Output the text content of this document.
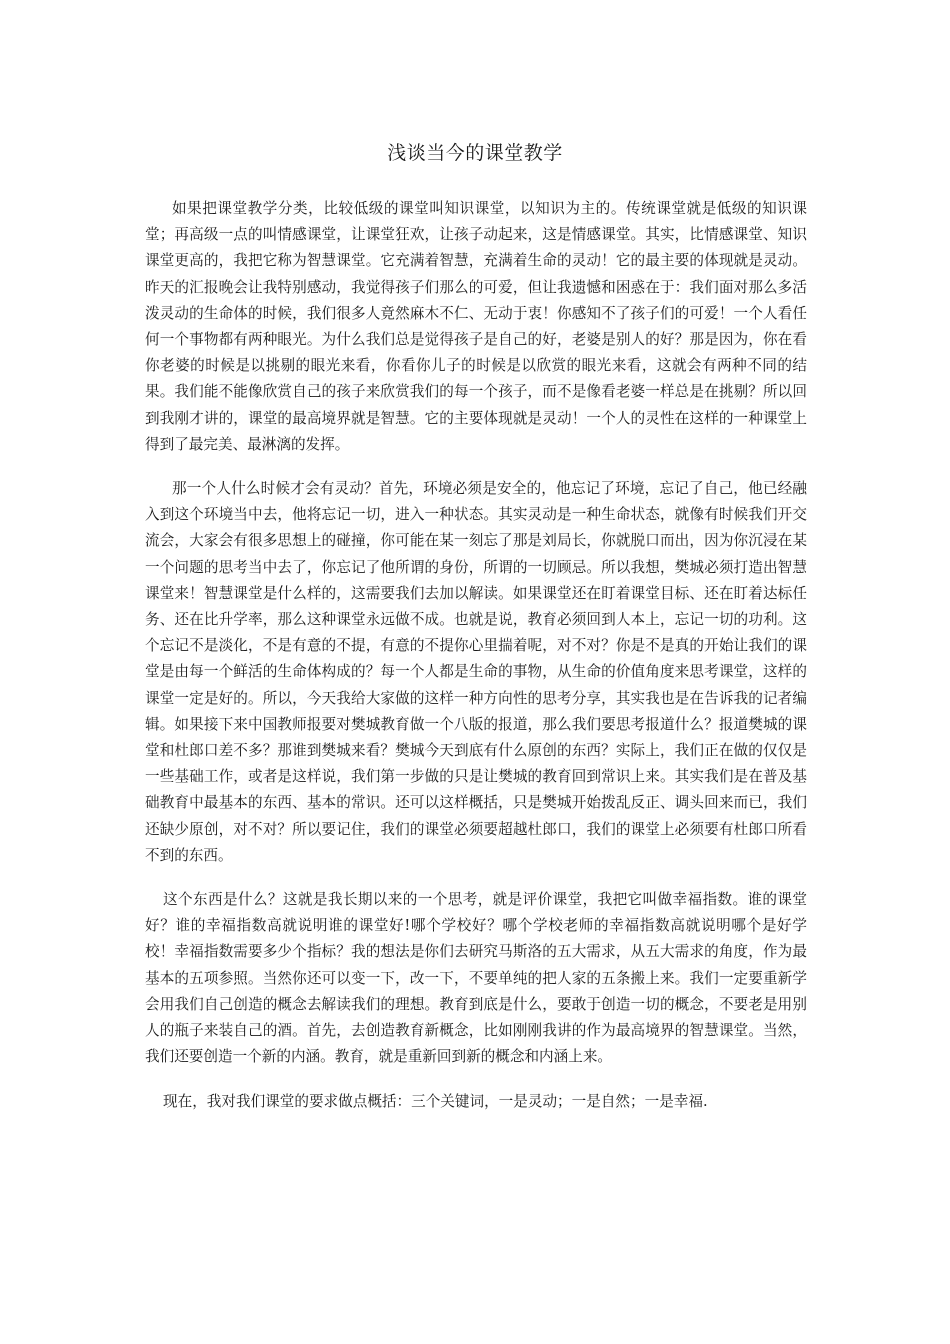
浅谈当今的课堂教学

如果把课堂教学分类，比较低级的课堂叫知识课堂，以知识为主的。传统课堂就是低级的知识课堂；再高级一点的叫情感课堂，让课堂狂欢，让孩子动起来，这是情感课堂。其实，比情感课堂、知识课堂更高的，我把它称为智慧课堂。它充满着智慧，充满着生命的灵动！它的最主要的体现就是灵动。昨天的汇报晚会让我特别感动，我觉得孩子们那么的可爱，但让我遗憾和困惑在于：我们面对那么多活泼灵动的生命体的时候，我们很多人竟然麻木不仁、无动于衷！你感知不了孩子们的可爱！一个人看任何一个事物都有两种眼光。为什么我们总是觉得孩子是自己的好，老婆是别人的好？那是因为，你在看你老婆的时候是以挑剔的眼光来看，你看你儿子的时候是以欣赏的眼光来看，这就会有两种不同的结果。我们能不能像欣赏自己的孩子来欣赏我们的每一个孩子，而不是像看老婆一样总是在挑剔？所以回到我刚才讲的，课堂的最高境界就是智慧。它的主要体现就是灵动！一个人的灵性在这样的一种课堂上得到了最完美、最淋漓的发挥。

那一个人什么时候才会有灵动？首先，环境必须是安全的，他忘记了环境，忘记了自己，他已经融入到这个环境当中去，他将忘记一切，进入一种状态。其实灵动是一种生命状态，就像有时候我们开交流会，大家会有很多思想上的碰撞，你可能在某一刻忘了那是刘局长，你就脱口而出，因为你沉浸在某一个问题的思考当中去了，你忘记了他所谓的身份，所谓的一切顾忌。所以我想，樊城必须打造出智慧课堂来！智慧课堂是什么样的，这需要我们去加以解读。如果课堂还在盯着课堂目标、还在盯着达标任务、还在比升学率，那么这种课堂永远做不成。也就是说，教育必须回到人本上，忘记一切的功利。这个忘记不是淡化，不是有意的不提，有意的不提你心里揣着呢，对不对？你是不是真的开始让我们的课堂是由每一个鲜活的生命体构成的？每一个人都是生命的事物，从生命的价值角度来思考课堂，这样的课堂一定是好的。所以，今天我给大家做的这样一种方向性的思考分享，其实我也是在告诉我的记者编辑。如果接下来中国教师报要对樊城教育做一个八版的报道，那么我们要思考报道什么？报道樊城的课堂和杜郎口差不多？那谁到樊城来看？樊城今天到底有什么原创的东西？实际上，我们正在做的仅仅是一些基础工作，或者是这样说，我们第一步做的只是让樊城的教育回到常识上来。其实我们是在普及基础教育中最基本的东西、基本的常识。还可以这样概括，只是樊城开始拨乱反正、调头回来而已，我们还缺少原创，对不对？所以要记住，我们的课堂必须要超越杜郎口，我们的课堂上必须要有杜郎口所看不到的东西。

这个东西是什么？这就是我长期以来的一个思考，就是评价课堂，我把它叫做幸福指数。谁的课堂好？谁的幸福指数高就说明谁的课堂好!哪个学校好？哪个学校老师的幸福指数高就说明哪个是好学校！幸福指数需要多少个指标？我的想法是你们去研究马斯洛的五大需求，从五大需求的角度，作为最基本的五项参照。当然你还可以变一下，改一下，不要单纯的把人家的五条搬上来。我们一定要重新学会用我们自己创造的概念去解读我们的理想。教育到底是什么，要敢于创造一切的概念，不要老是用别人的瓶子来装自己的酒。首先，去创造教育新概念，比如刚刚我讲的作为最高境界的智慧课堂。当然，我们还要创造一个新的内涵。教育，就是重新回到新的概念和内涵上来。

现在，我对我们课堂的要求做点概括：三个关键词，一是灵动；一是自然；一是幸福.
